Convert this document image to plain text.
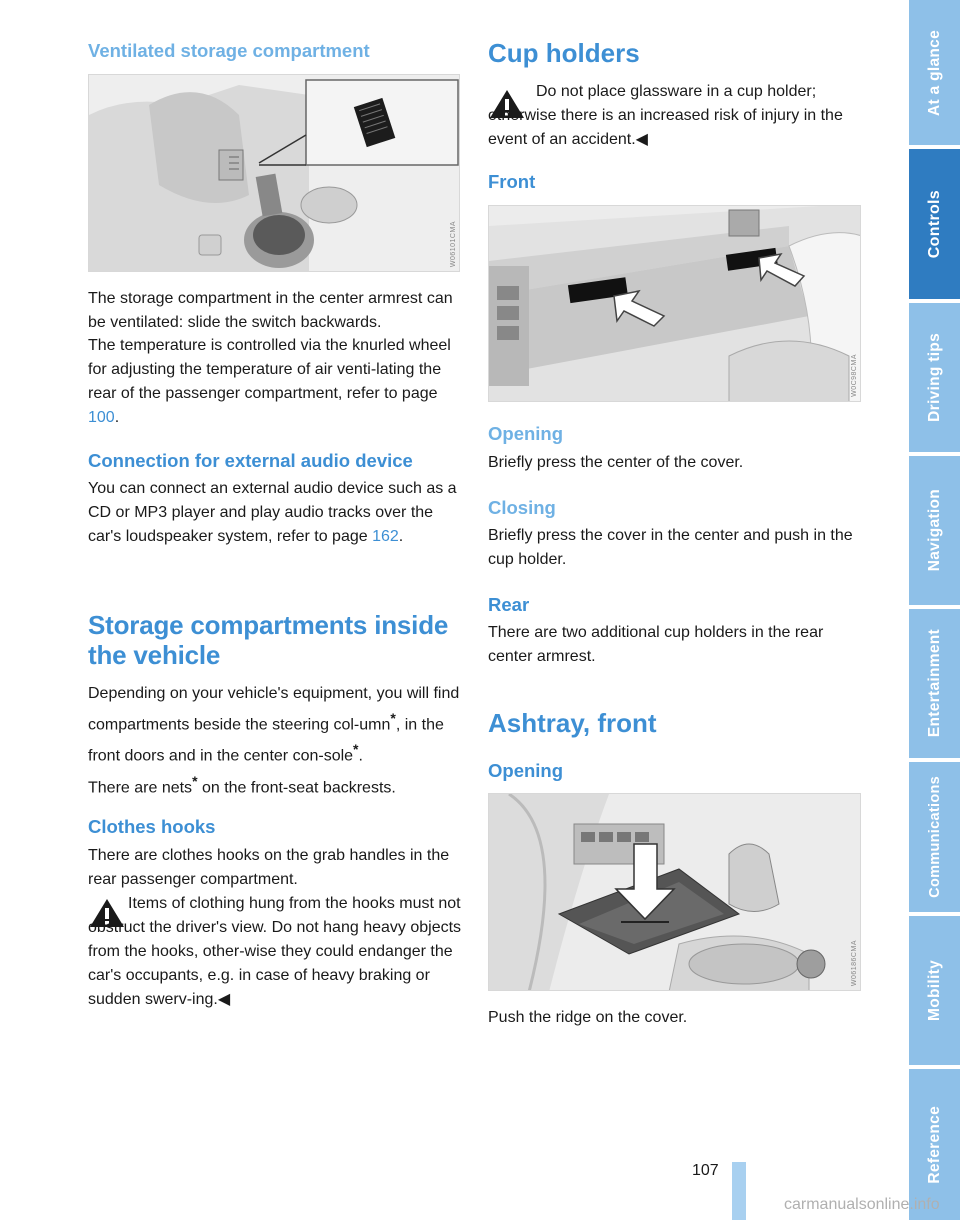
Ventilated storage compartment
W06101CMA

The storage compartment in the center armrest can be ventilated: slide the switch backwards.

The temperature is controlled via the knurled wheel for adjusting the temperature of air venti-lating the rear of the passenger compartment, refer to page 100.

Connection for external audio device

You can connect an external audio device such as a CD or MP3 player and play audio tracks over the car's loudspeaker system, refer to page 162.

Storage compartments inside
the vehicle

Depending on your vehicle's equipment, you will find compartments beside the steering col-umn*, in the front doors and in the center con-sole*.
There are nets* on the front-seat backrests.

Clothes hooks

There are clothes hooks on the grab handles in the rear passenger compartment.

Items of clothing hung from the hooks must not obstruct the driver's view. Do not hang heavy objects from the hooks, other-wise they could endanger the car's occupants, e.g. in case of heavy braking or sudden swerv-ing.◀

Cup holders

Do not place glassware in a cup holder; otherwise there is an increased risk of injury in the event of an accident.◀

Front
W0C98CMA
Opening

Briefly press the center of the cover.

Closing

Briefly press the cover in the center and push in the cup holder.

Rear

There are two additional cup holders in the rear center armrest.

Ashtray, front
Opening
W06186CMA

Push the ridge on the cover.

At a glance
Controls
Driving tips
Navigation
Entertainment
Communications
Mobility
Reference
107
carmanualsonline.info
